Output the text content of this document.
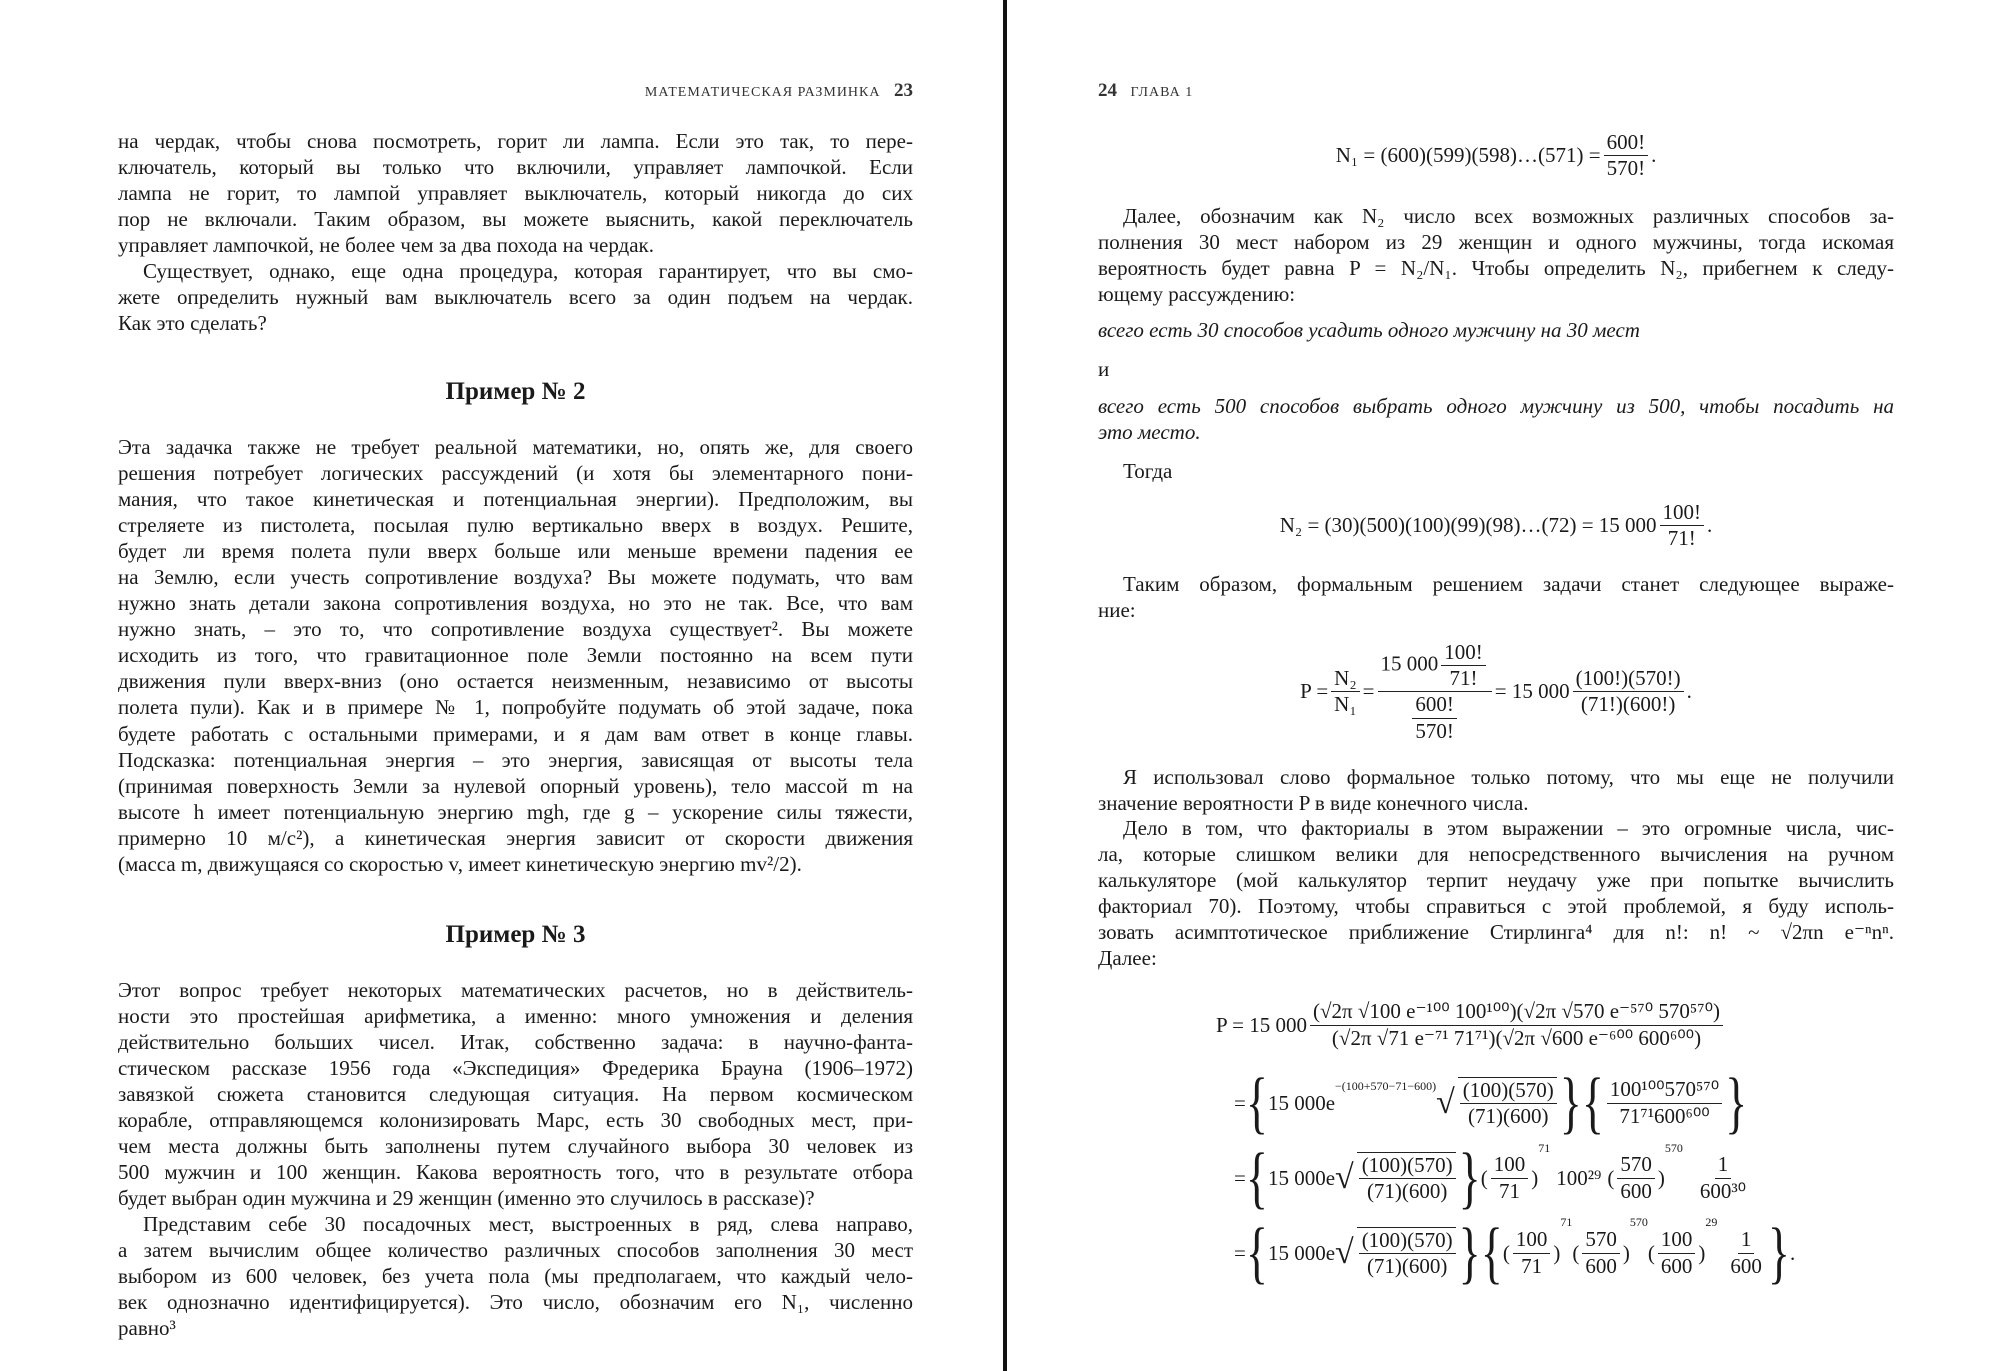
МАТЕМАТИЧЕСКАЯ РАЗМИНКА 23
на чердак, чтобы снова посмотреть, горит ли лампа. Если это так, то пере-
ключатель, который вы только что включили, управляет лампочкой. Если
лампа не горит, то лампой управляет выключатель, который никогда до сих
пор не включали. Таким образом, вы можете выяснить, какой переключатель
управляет лампочкой, не более чем за два похода на чердак.
Существует, однако, еще одна процедура, которая гарантирует, что вы смо-
жете определить нужный вам выключатель всего за один подъем на чердак.
Как это сделать?
Пример № 2
Эта задачка также не требует реальной математики, но, опять же, для своего
решения потребует логических рассуждений (и хотя бы элементарного пони-
мания, что такое кинетическая и потенциальная энергии). Предположим, вы
стреляете из пистолета, посылая пулю вертикально вверх в воздух. Решите,
будет ли время полета пули вверх больше или меньше времени падения ее
на Землю, если учесть сопротивление воздуха? Вы можете подумать, что вам
нужно знать детали закона сопротивления воздуха, но это не так. Все, что вам
нужно знать, – это то, что сопротивление воздуха существует². Вы можете
исходить из того, что гравитационное поле Земли постоянно на всем пути
движения пули вверх-вниз (оно остается неизменным, независимо от высоты
полета пули). Как и в примере № 1, попробуйте подумать об этой задаче, пока
будете работать с остальными примерами, и я дам вам ответ в конце главы.
Подсказка: потенциальная энергия – это энергия, зависящая от высоты тела
(принимая поверхность Земли за нулевой опорный уровень), тело массой m на
высоте h имеет потенциальную энергию mgh, где g – ускорение силы тяжести,
примерно 10 м/с²), а кинетическая энергия зависит от скорости движения
(масса m, движущаяся со скоростью v, имеет кинетическую энергию mv²/2).
Пример № 3
Этот вопрос требует некоторых математических расчетов, но в действитель-
ности это простейшая арифметика, а именно: много умножения и деления
действительно больших чисел. Итак, собственно задача: в научно-фанта-
стическом рассказе 1956 года «Экспедиция» Фредерика Брауна (1906–1972)
завязкой сюжета становится следующая ситуация. На первом космическом
корабле, отправляющемся колонизировать Марс, есть 30 свободных мест, при-
чем места должны быть заполнены путем случайного выбора 30 человек из
500 мужчин и 100 женщин. Какова вероятность того, что в результате отбора
будет выбран один мужчина и 29 женщин (именно это случилось в рассказе)?
Представим себе 30 посадочных мест, выстроенных в ряд, слева направо,
а затем вычислим общее количество различных способов заполнения 30 мест
выбором из 600 человек, без учета пола (мы предполагаем, что каждый чело-
век однозначно идентифицируется). Это число, обозначим его N₁, численно
равно³
24 ГЛАВА 1
N₁ = (600)(599)(598)…(571) = $\frac{600!}{570!}$ .
Далее, обозначим как N₂ число всех возможных различных способов за-
полнения 30 мест набором из 29 женщин и одного мужчины, тогда искомая
вероятность будет равна P = N₂/N₁. Чтобы определить N₂, прибегнем к следу-
ющему рассуждению:
всего есть 30 способов усадить одного мужчину на 30 мест
и
всего есть 500 способов выбрать одного мужчину из 500, чтобы посадить на
это место.
Тогда
N₂ = (30)(500)(100)(99)(98)…(72) = 15 $000 \frac{100!}{71!}$ .
Таким образом, формальным решением задачи станет следующее выраже-
ние:
$P = \frac{\text{N₂}}{\text{N₁}} = \frac{15 000 \frac{100!}{71!}}{\frac{600!}{570!}} = 15$ $000 \frac{(100!)(570!)}{(71!)(600!)}$ .
Я использовал слово формальное только потому, что мы еще не получили
значение вероятности P в виде конечного числа.
Дело в том, что факториалы в этом выражении – это огромные числа, чис-
ла, которые слишком велики для непосредственного вычисления на ручном
калькуляторе (мой калькулятор терпит неудачу уже при попытке вычислить
факториал 70). Поэтому, чтобы справиться с этой проблемой, я буду исполь-
зовать асимптотическое приближение Стирлинга⁴ для n!: n! ~ √2πn e⁻ⁿnⁿ.
Далее:
P = 15 $000 \frac{\text{(√2π √100 e⁻¹⁰⁰ 100¹⁰⁰)(√2π √570 e⁻⁵⁷⁰ 570⁵⁷⁰)}}{\text{(√2π √71 e⁻⁷¹ 71⁷¹)(√2π √600 e⁻⁶⁰⁰ 600⁶⁰⁰)}}$
= { 15 000e
$^{-(100+570-71-600)}$ √ $\frac{(100)(570)}{(71)(600)}$ } { $\frac{\text{100¹⁰⁰570⁵⁷⁰}}{\text{71⁷¹600⁶⁰⁰}}$ }
= { 15 000e √ $\frac{(100)(570)}{(71)(600)}$ } ( $\frac{100}{71}$ )
71
100²⁹ ( $\frac{570}{600}$ )
570
$\frac{1}{\text{600³⁰}}$
= { 15 000e √ $\frac{(100)(570)}{(71)(600)}$ } { ( $\frac{100}{71}$ )
71
( $\frac{570}{600}$ )
570
( $\frac{100}{600}$ )
29
$\frac{1}{600}$ } .
